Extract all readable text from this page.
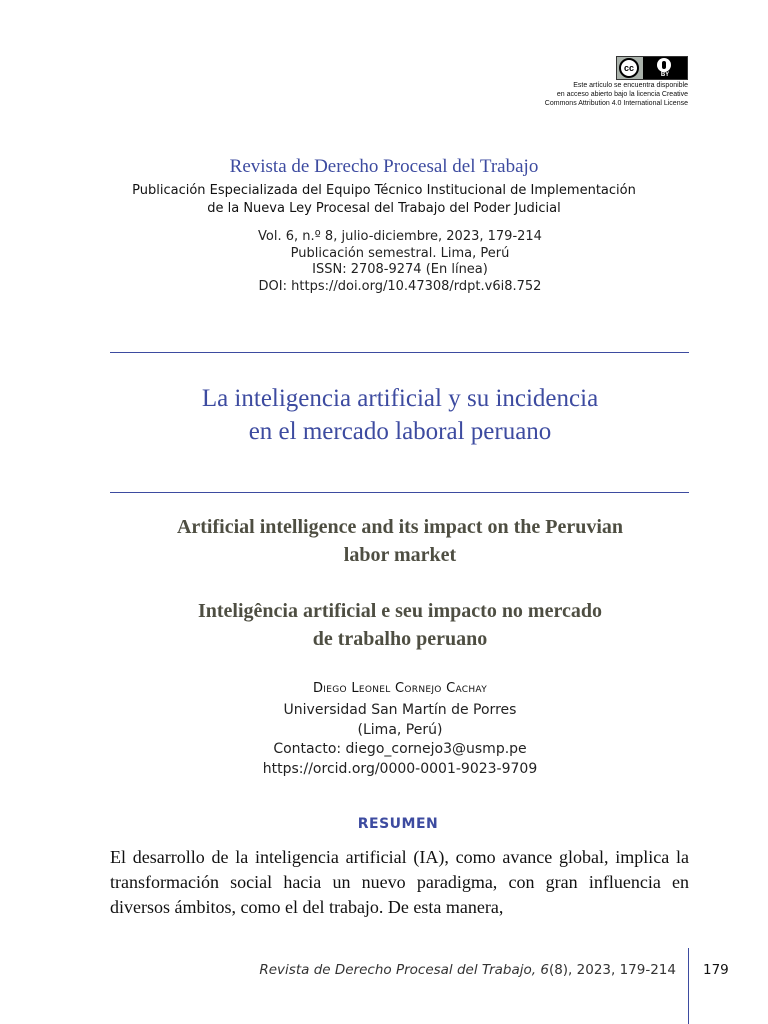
cc
BY
Este artículo se encuentra disponible
en acceso abierto bajo la licencia Creative
Commons Attribution 4.0 International License
Revista de Derecho Procesal del Trabajo
Publicación Especializada del Equipo Técnico Institucional de Implementación
de la Nueva Ley Procesal del Trabajo del Poder Judicial
Vol. 6, n.º 8, julio-diciembre, 2023, 179-214
Publicación semestral. Lima, Perú
ISSN: 2708-9274 (En línea)
DOI: https://doi.org/10.47308/rdpt.v6i8.752
La inteligencia artificial y su incidencia
en el mercado laboral peruano
Artificial intelligence and its impact on the Peruvian
labor market
Inteligência artificial e seu impacto no mercado
de trabalho peruano
Diego Leonel Cornejo Cachay
Universidad San Martín de Porres
(Lima, Perú)
Contacto: diego_cornejo3@usmp.pe
https://orcid.org/0000-0001-9023-9709
RESUMEN
El desarrollo de la inteligencia artificial (IA), como avance global, implica la transformación social hacia un nuevo paradigma, con gran influencia en diversos ámbitos, como el del trabajo. De esta manera,
Revista de Derecho Procesal del Trabajo, 6(8), 2023, 179-214 179
